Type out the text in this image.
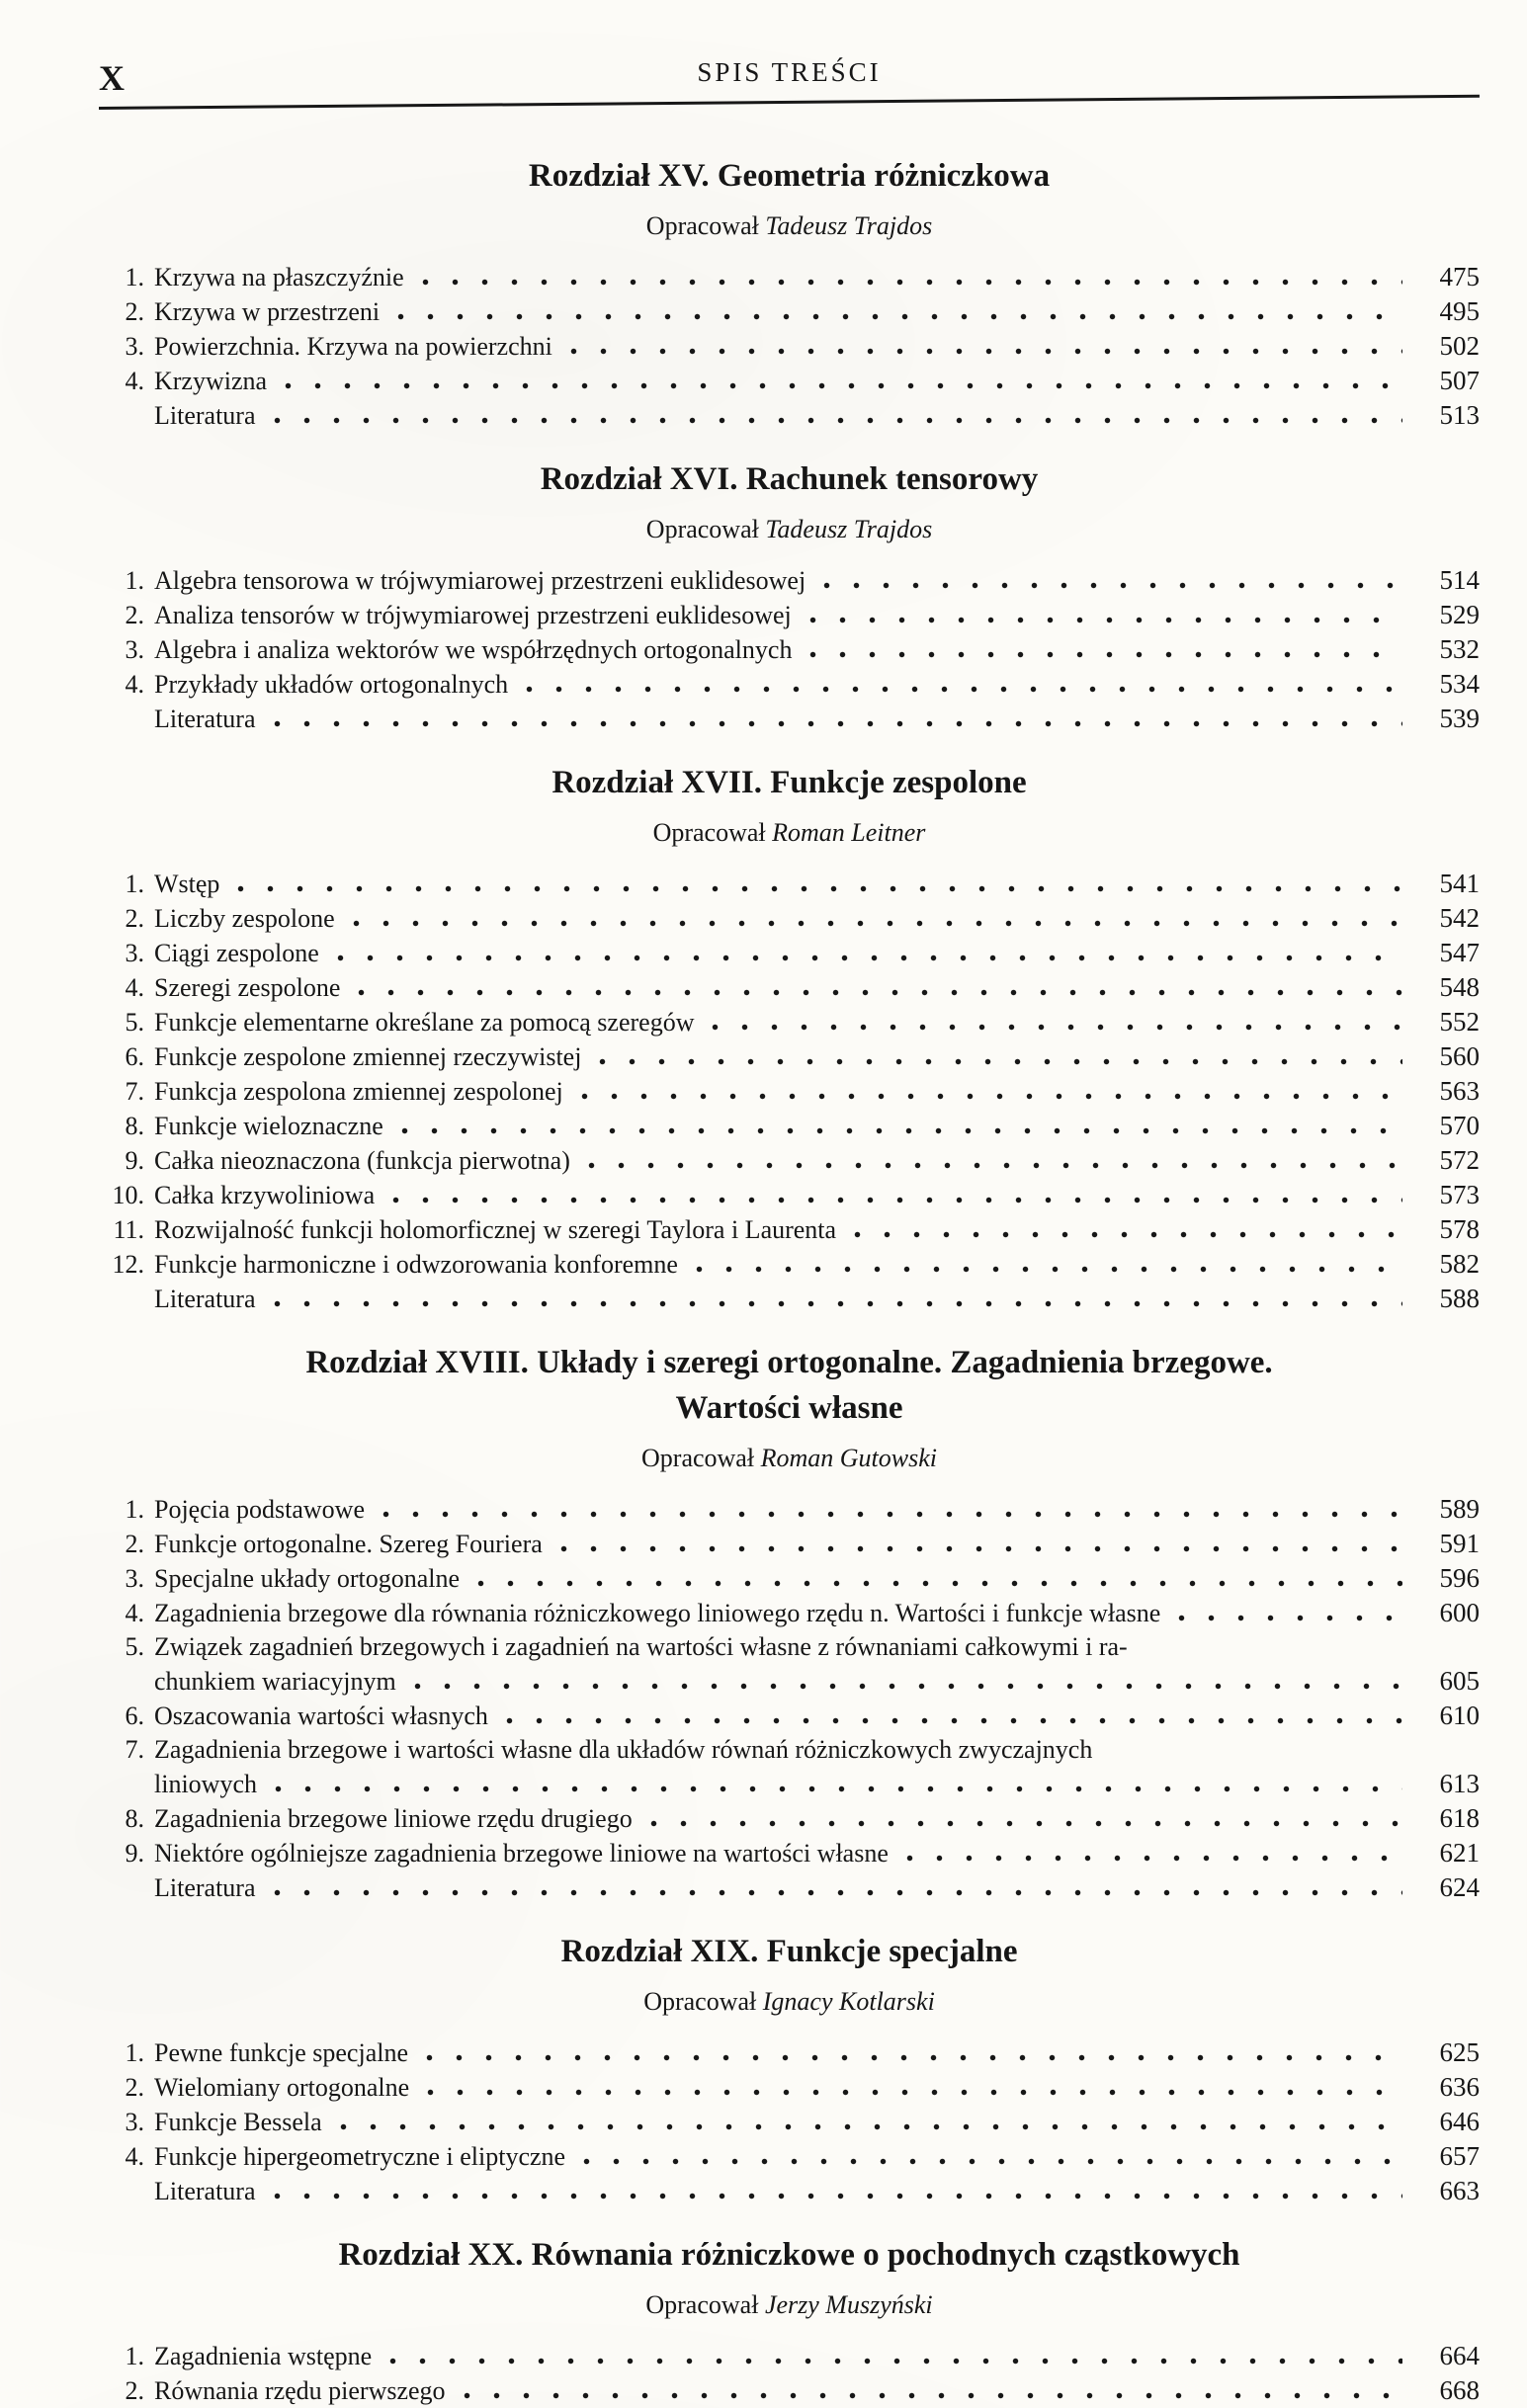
X	SPIS TREŚCI
Rozdział XV. Geometria różniczkowa

Opracował Tadeusz Trajdos

1. Krzywa na płaszczyźnie	475
2. Krzywa w przestrzeni	495
3. Powierzchnia. Krzywa na powierzchni	502
4. Krzywizna	507
Literatura	513
Rozdział XVI. Rachunek tensorowy

Opracował Tadeusz Trajdos

1. Algebra tensorowa w trójwymiarowej przestrzeni euklidesowej	514
2. Analiza tensorów w trójwymiarowej przestrzeni euklidesowej	529
3. Algebra i analiza wektorów we współrzędnych ortogonalnych	532
4. Przykłady układów ortogonalnych	534
Literatura	539
Rozdział XVII. Funkcje zespolone

Opracował Roman Leitner

1. Wstęp	541
2. Liczby zespolone	542
3. Ciągi zespolone	547
4. Szeregi zespolone	548
5. Funkcje elementarne określane za pomocą szeregów	552
6. Funkcje zespolone zmiennej rzeczywistej	560
7. Funkcja zespolona zmiennej zespolonej	563
8. Funkcje wieloznaczne	570
9. Całka nieoznaczona (funkcja pierwotna)	572
10. Całka krzywoliniowa	573
11. Rozwijalność funkcji holomorficznej w szeregi Taylora i Laurenta	578
12. Funkcje harmoniczne i odwzorowania konforemne	582
Literatura	588
Rozdział XVIII. Układy i szeregi ortogonalne. Zagadnienia brzegowe.
Wartości własne

Opracował Roman Gutowski

1. Pojęcia podstawowe	589
2. Funkcje ortogonalne. Szereg Fouriera	591
3. Specjalne układy ortogonalne	596
4. Zagadnienia brzegowe dla równania różniczkowego liniowego rzędu n. Wartości i funkcje własne	600
5. Związek zagadnień brzegowych i zagadnień na wartości własne z równaniami całkowymi i ra-
chunkiem wariacyjnym	605
6. Oszacowania wartości własnych	610
7. Zagadnienia brzegowe i wartości własne dla układów równań różniczkowych zwyczajnych
liniowych	613
8. Zagadnienia brzegowe liniowe rzędu drugiego	618
9. Niektóre ogólniejsze zagadnienia brzegowe liniowe na wartości własne	621
Literatura	624
Rozdział XIX. Funkcje specjalne

Opracował Ignacy Kotlarski

1. Pewne funkcje specjalne	625
2. Wielomiany ortogonalne	636
3. Funkcje Bessela	646
4. Funkcje hipergeometryczne i eliptyczne	657
Literatura	663
Rozdział XX. Równania różniczkowe o pochodnych cząstkowych

Opracował Jerzy Muszyński

1. Zagadnienia wstępne	664
2. Równania rzędu pierwszego	668
